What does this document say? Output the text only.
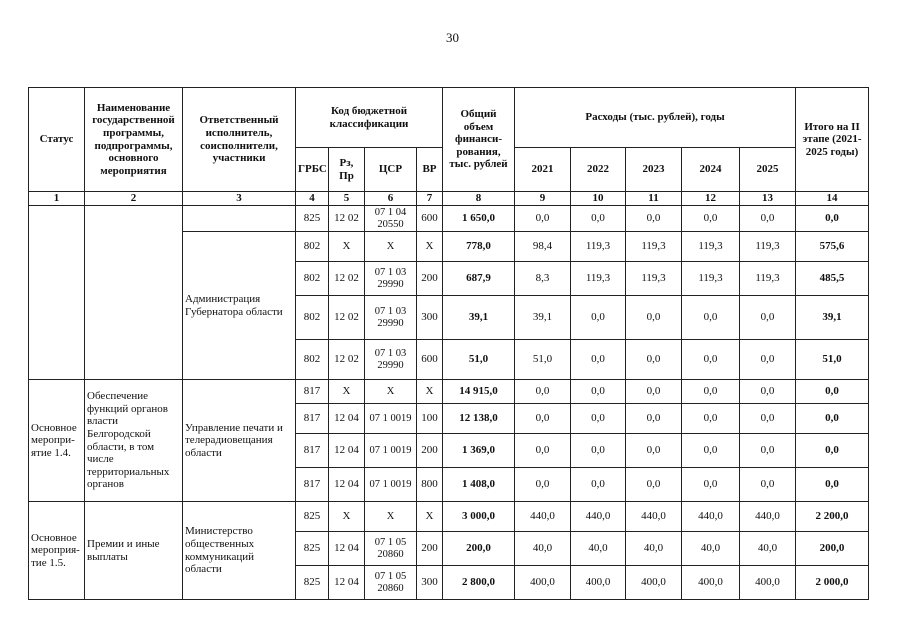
30
Статус	Наименование государственной программы, подпрограммы, основного мероприятия	Ответственный исполнитель, соисполнители, участники	Код бюджетной классификации				Общий объем финанси-рования, тыс. рублей	Расходы (тыс. рублей), годы					Итого на II этапе (2021-2025 годы)
			ГРБС	Рз, Пр	ЦСР	ВР		2021	2022	2023	2024	2025	
1	2	3	4	5	6	7	8	9	10	11	12	13	14
			825	12 02	07 1 04 20550	600	1 650,0	0,0	0,0	0,0	0,0	0,0	0,0
		Администрация Губернатора области	802	Х	Х	Х	778,0	98,4	119,3	119,3	119,3	119,3	575,6
			802	12 02	07 1 03 29990	200	687,9	8,3	119,3	119,3	119,3	119,3	485,5
			802	12 02	07 1 03 29990	300	39,1	39,1	0,0	0,0	0,0	0,0	39,1
			802	12 02	07 1 03 29990	600	51,0	51,0	0,0	0,0	0,0	0,0	51,0
Основное меропри-ятие 1.4.	Обеспечение функций органов власти Белгородской области, в том числе территориальных органов	Управление печати и телерадиовещания области	817	Х	Х	Х	14 915,0	0,0	0,0	0,0	0,0	0,0	0,0
			817	12 04	07 1 0019	100	12 138,0	0,0	0,0	0,0	0,0	0,0	0,0
			817	12 04	07 1 0019	200	1 369,0	0,0	0,0	0,0	0,0	0,0	0,0
			817	12 04	07 1 0019	800	1 408,0	0,0	0,0	0,0	0,0	0,0	0,0
Основное мероприя-тие 1.5.	Премии и иные выплаты	Министерство общественных коммуникаций области	825	Х	Х	Х	3 000,0	440,0	440,0	440,0	440,0	440,0	2 200,0
			825	12 04	07 1 05 20860	200	200,0	40,0	40,0	40,0	40,0	40,0	200,0
			825	12 04	07 1 05 20860	300	2 800,0	400,0	400,0	400,0	400,0	400,0	2 000,0
